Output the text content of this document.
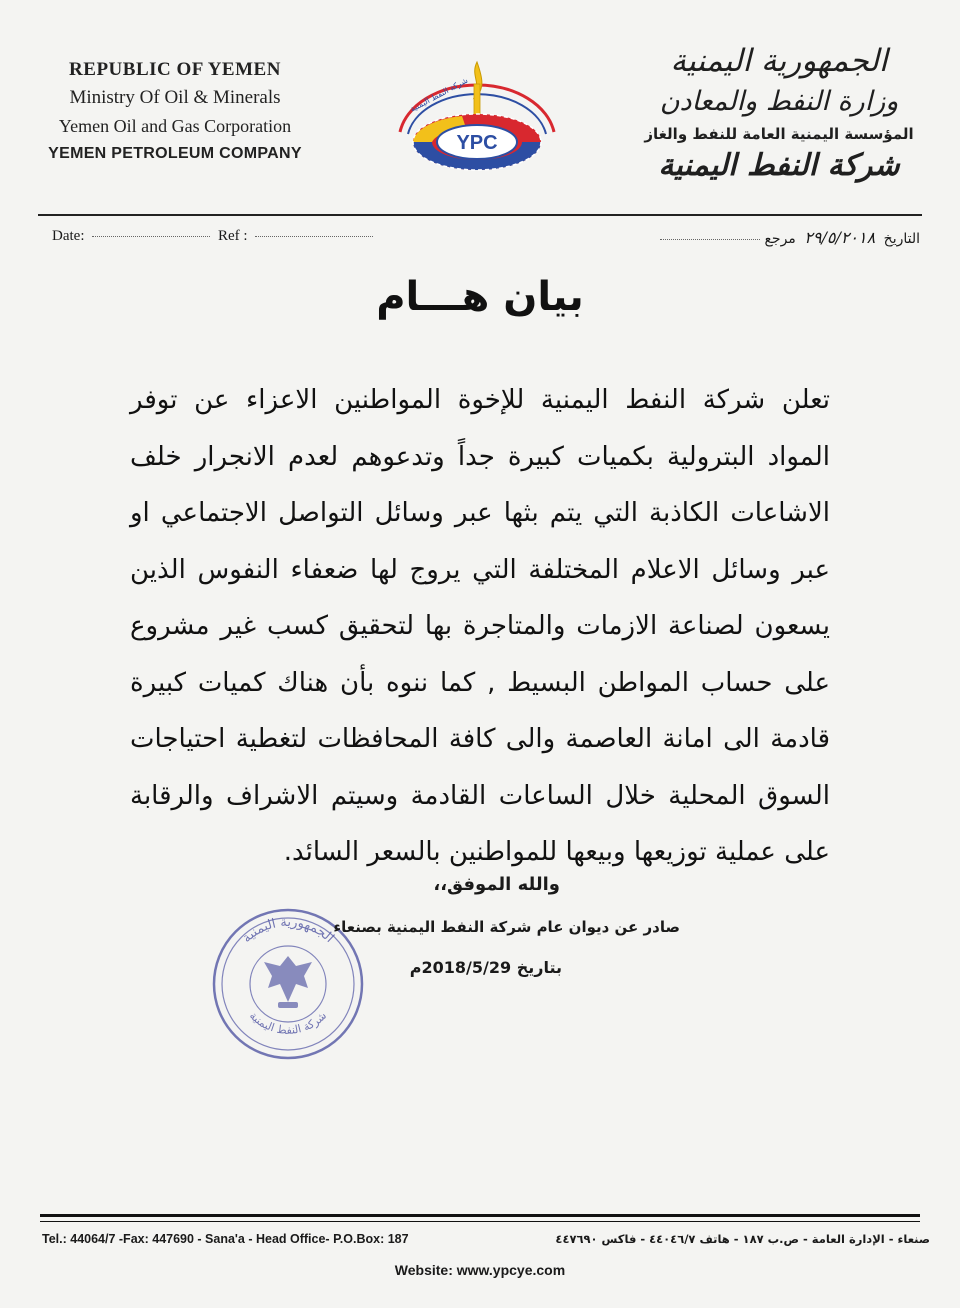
REPUBLIC OF YEMEN
Ministry Of Oil & Minerals
Yemen Oil and Gas Corporation
YEMEN PETROLEUM COMPANY
شركة النفط اليمنية
YPC
الجمهورية اليمنية
وزارة النفط والمعادن
المؤسسة اليمنية العامة للنفط والغاز
شركة النفط اليمنية
Date:	Ref :	التاريخ ٢٩/٥/٢٠١٨ مرجع
بيان هـــام
تعلن شركة النفط اليمنية للإخوة المواطنين الاعزاء عن توفر
المواد البترولية بكميات كبيرة جداً وتدعوهم لعدم الانجرار خلف
الاشاعات الكاذبة التي يتم بثها عبر وسائل التواصل الاجتماعي او
عبر وسائل الاعلام المختلفة التي يروج لها ضعفاء النفوس الذين
يسعون لصناعة الازمات والمتاجرة بها لتحقيق كسب غير مشروع
على حساب المواطن البسيط , كما ننوه بأن هناك كميات كبيرة
قادمة الى امانة العاصمة والى كافة المحافظات لتغطية احتياجات
السوق المحلية خلال الساعات القادمة وسيتم الاشراف والرقابة
على عملية توزيعها وبيعها للمواطنين بالسعر السائد.
والله الموفق،،
الجمهورية اليمنية
شركة النفط اليمنية
صادر عن ديوان عام شركة النفط اليمنية بصنعاء
بتاريخ 2018/5/29م
Tel.: 44064/7 -Fax: 447690 - Sana'a - Head Office- P.O.Box: 187	صنعاء - الإدارة العامة - ص.ب ١٨٧ - هاتف ٤٤٠٤٦/٧ - فاكس ٤٤٧٦٩٠
Website: www.ypcye.com
